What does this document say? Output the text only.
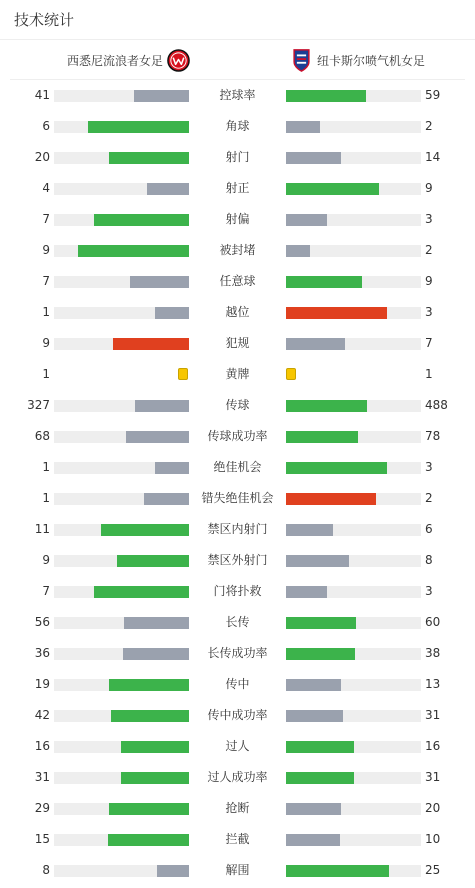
技术统计
西悉尼流浪者女足	纽卡斯尔喷气机女足
41	控球率	59
6	角球	2
20	射门	14
4	射正	9
7	射偏	3
9	被封堵	2
7	任意球	9
1	越位	3
9	犯规	7
1	黄牌	1
327	传球	488
68	传球成功率	78
1	绝佳机会	3
1	错失绝佳机会	2
11	禁区内射门	6
9	禁区外射门	8
7	门将扑救	3
56	长传	60
36	长传成功率	38
19	传中	13
42	传中成功率	31
16	过人	16
31	过人成功率	31
29	抢断	20
15	拦截	10
8	解围	25
